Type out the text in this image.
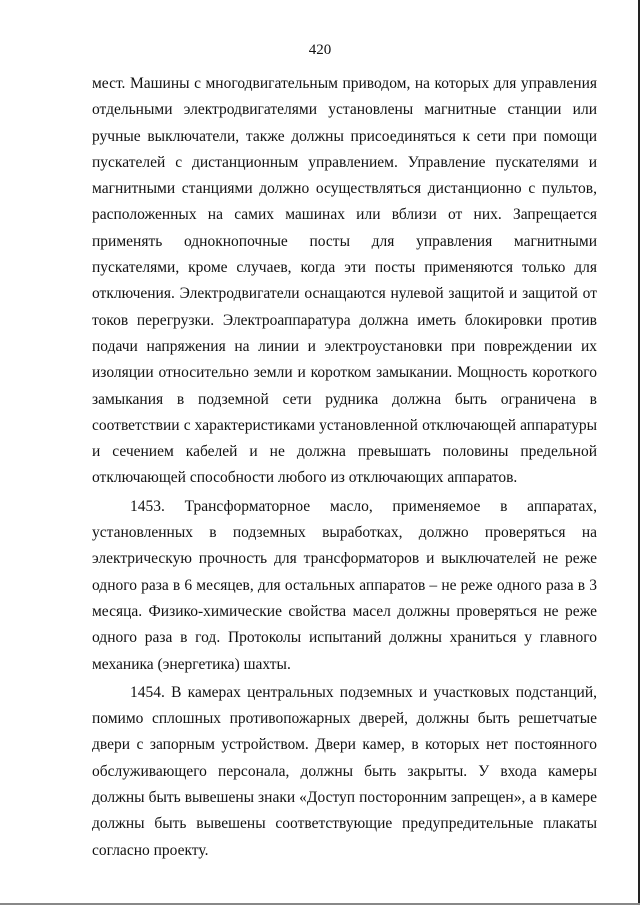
420

мест. Машины с многодвигательным приводом, на которых для управления отдельными электродвигателями установлены магнитные станции или ручные выключатели, также должны присоединяться к сети при помощи пускателей с дистанционным управлением. Управление пускателями и магнитными станциями должно осуществляться дистанционно с пультов, расположенных на самих машинах или вблизи от них. Запрещается применять однокнопочные посты для управления магнитными пускателями, кроме случаев, когда эти посты применяются только для отключения. Электродвигатели оснащаются нулевой защитой и защитой от токов перегрузки. Электроаппаратура должна иметь блокировки против подачи напряжения на линии и электроустановки при повреждении их изоляции относительно земли и коротком замыкании. Мощность короткого замыкания в подземной сети рудника должна быть ограничена в соответствии с характеристиками установленной отключающей аппаратуры и сечением кабелей и не должна превышать половины предельной отключающей способности любого из отключающих аппаратов.

1453. Трансформаторное масло, применяемое в аппаратах, установленных в подземных выработках, должно проверяться на электрическую прочность для трансформаторов и выключателей не реже одного раза в 6 месяцев, для остальных аппаратов – не реже одного раза в 3 месяца. Физико-химические свойства масел должны проверяться не реже одного раза в год. Протоколы испытаний должны храниться у главного механика (энергетика) шахты.

1454. В камерах центральных подземных и участковых подстанций, помимо сплошных противопожарных дверей, должны быть решетчатые двери с запорным устройством. Двери камер, в которых нет постоянного обслуживающего персонала, должны быть закрыты. У входа камеры должны быть вывешены знаки «Доступ посторонним запрещен», а в камере должны быть вывешены соответствующие предупредительные плакаты согласно проекту.
